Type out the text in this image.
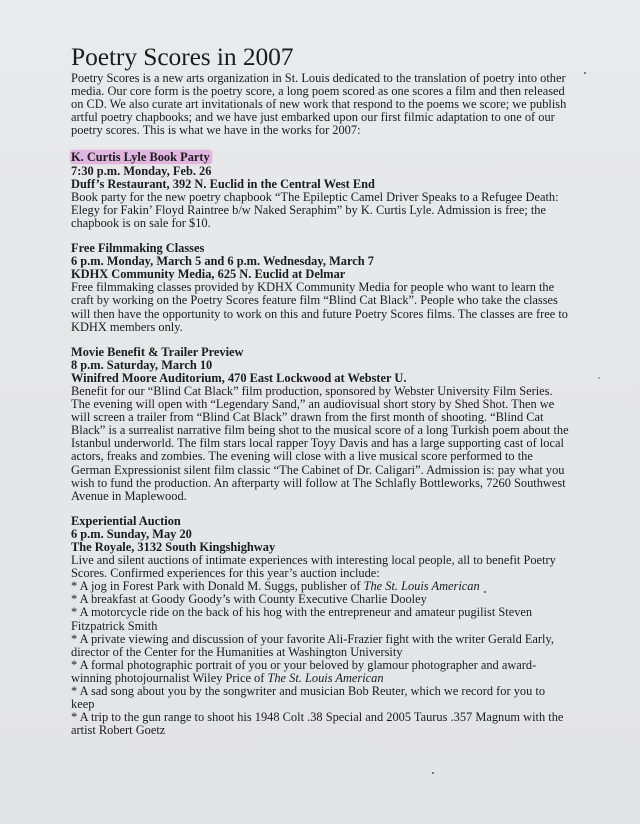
Poetry Scores in 2007

Poetry Scores is a new arts organization in St. Louis dedicated to the translation of poetry into other media. Our core form is the poetry score, a long poem scored as one scores a film and then released on CD. We also curate art invitationals of new work that respond to the poems we score; we publish artful poetry chapbooks; and we have just embarked upon our first filmic adaptation to one of our poetry scores. This is what we have in the works for 2007:

K. Curtis Lyle Book Party

7:30 p.m. Monday, Feb. 26

Duff’s Restaurant, 392 N. Euclid in the Central West End

Book party for the new poetry chapbook “The Epileptic Camel Driver Speaks to a Refugee Death: Elegy for Fakin’ Floyd Raintree b/w Naked Seraphim” by K. Curtis Lyle. Admission is free; the chapbook is on sale for $10.

Free Filmmaking Classes

6 p.m. Monday, March 5 and 6 p.m. Wednesday, March 7

KDHX Community Media, 625 N. Euclid at Delmar

Free filmmaking classes provided by KDHX Community Media for people who want to learn the craft by working on the Poetry Scores feature film “Blind Cat Black”. People who take the classes will then have the opportunity to work on this and future Poetry Scores films. The classes are free to KDHX members only.

Movie Benefit & Trailer Preview

8 p.m. Saturday, March 10

Winifred Moore Auditorium, 470 East Lockwood at Webster U.

Benefit for our “Blind Cat Black” film production, sponsored by Webster University Film Series. The evening will open with “Legendary Sand,” an audiovisual short story by Shed Shot. Then we will screen a trailer from “Blind Cat Black” drawn from the first month of shooting. “Blind Cat Black” is a surrealist narrative film being shot to the musical score of a long Turkish poem about the Istanbul underworld. The film stars local rapper Toyy Davis and has a large supporting cast of local actors, freaks and zombies. The evening will close with a live musical score performed to the German Expressionist silent film classic “The Cabinet of Dr. Caligari”. Admission is: pay what you wish to fund the production. An afterparty will follow at The Schlafly Bottleworks, 7260 Southwest Avenue in Maplewood.

Experiential Auction

6 p.m. Sunday, May 20

The Royale, 3132 South Kingshighway

Live and silent auctions of intimate experiences with interesting local people, all to benefit Poetry Scores. Confirmed experiences for this year’s auction include:

* A jog in Forest Park with Donald M. Suggs, publisher of The St. Louis American
* A breakfast at Goody Goody’s with County Executive Charlie Dooley
* A motorcycle ride on the back of his hog with the entrepreneur and amateur pugilist Steven Fitzpatrick Smith
* A private viewing and discussion of your favorite Ali-Frazier fight with the writer Gerald Early, director of the Center for the Humanities at Washington University
* A formal photographic portrait of you or your beloved by glamour photographer and award-winning photojournalist Wiley Price of The St. Louis American
* A sad song about you by the songwriter and musician Bob Reuter, which we record for you to keep
* A trip to the gun range to shoot his 1948 Colt .38 Special and 2005 Taurus .357 Magnum with the artist Robert Goetz
